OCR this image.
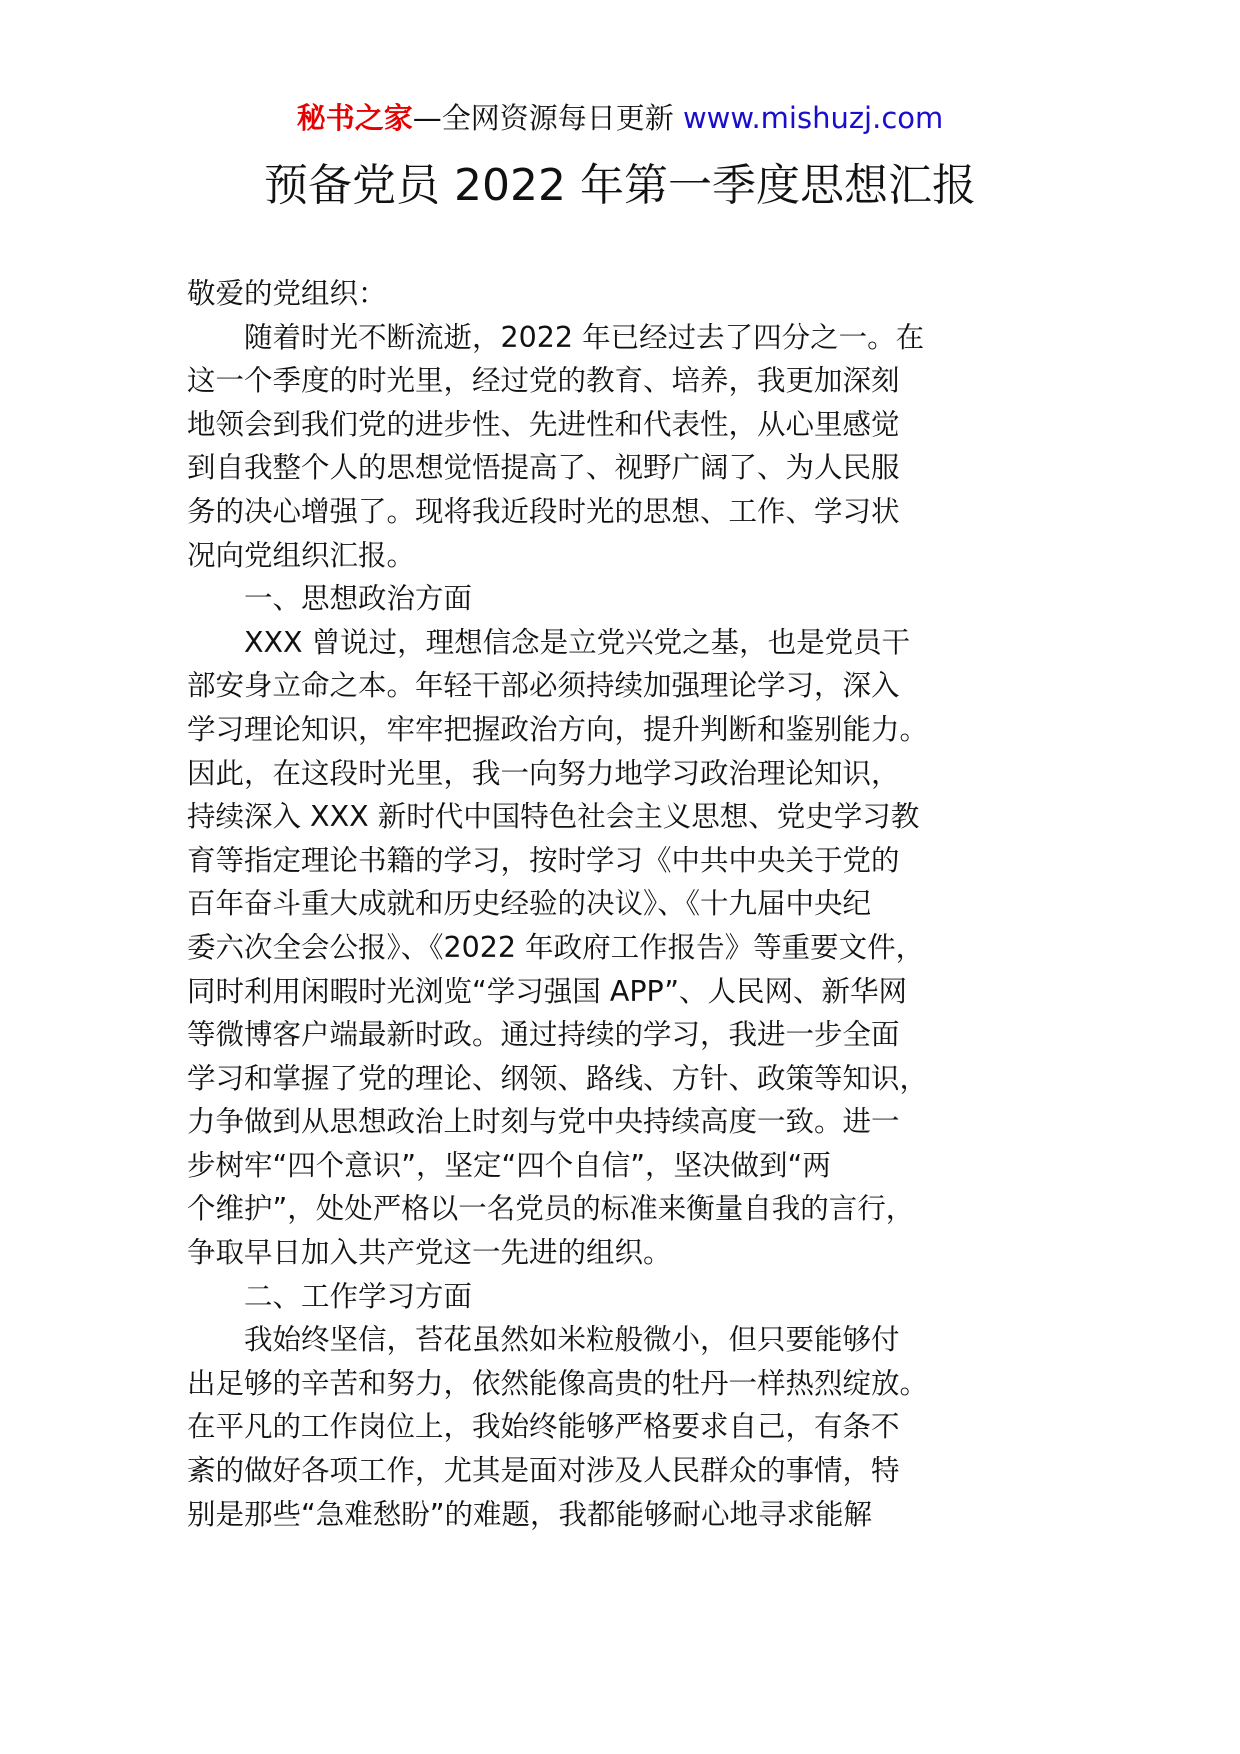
秘书之家—全网资源每日更新 www.mishuzj.com
预备党员 2022 年第一季度思想汇报
敬爱的党组织：
　　随着时光不断流逝，2022 年已经过去了四分之一。在
这一个季度的时光里，经过党的教育、培养，我更加深刻
地领会到我们党的进步性、先进性和代表性，从心里感觉
到自我整个人的思想觉悟提高了、视野广阔了、为人民服
务的决心增强了。现将我近段时光的思想、工作、学习状
况向党组织汇报。
　　一、思想政治方面
　　XXX 曾说过，理想信念是立党兴党之基，也是党员干
部安身立命之本。年轻干部必须持续加强理论学习，深入
学习理论知识，牢牢把握政治方向，提升判断和鉴别能力。
因此，在这段时光里，我一向努力地学习政治理论知识，
持续深入 XXX 新时代中国特色社会主义思想、党史学习教
育等指定理论书籍的学习，按时学习《中共中央关于党的
百年奋斗重大成就和历史经验的决议》、《十九届中央纪
委六次全会公报》、《2022 年政府工作报告》等重要文件，
同时利用闲暇时光浏览“学习强国 APP”、人民网、新华网
等微博客户端最新时政。通过持续的学习，我进一步全面
学习和掌握了党的理论、纲领、路线、方针、政策等知识，
力争做到从思想政治上时刻与党中央持续高度一致。进一
步树牢“四个意识”，坚定“四个自信”，坚决做到“两
个维护”，处处严格以一名党员的标准来衡量自我的言行，
争取早日加入共产党这一先进的组织。
　　二、工作学习方面
　　我始终坚信，苔花虽然如米粒般微小，但只要能够付
出足够的辛苦和努力，依然能像高贵的牡丹一样热烈绽放。
在平凡的工作岗位上，我始终能够严格要求自己，有条不
紊的做好各项工作，尤其是面对涉及人民群众的事情，特
别是那些“急难愁盼”的难题，我都能够耐心地寻求能解
